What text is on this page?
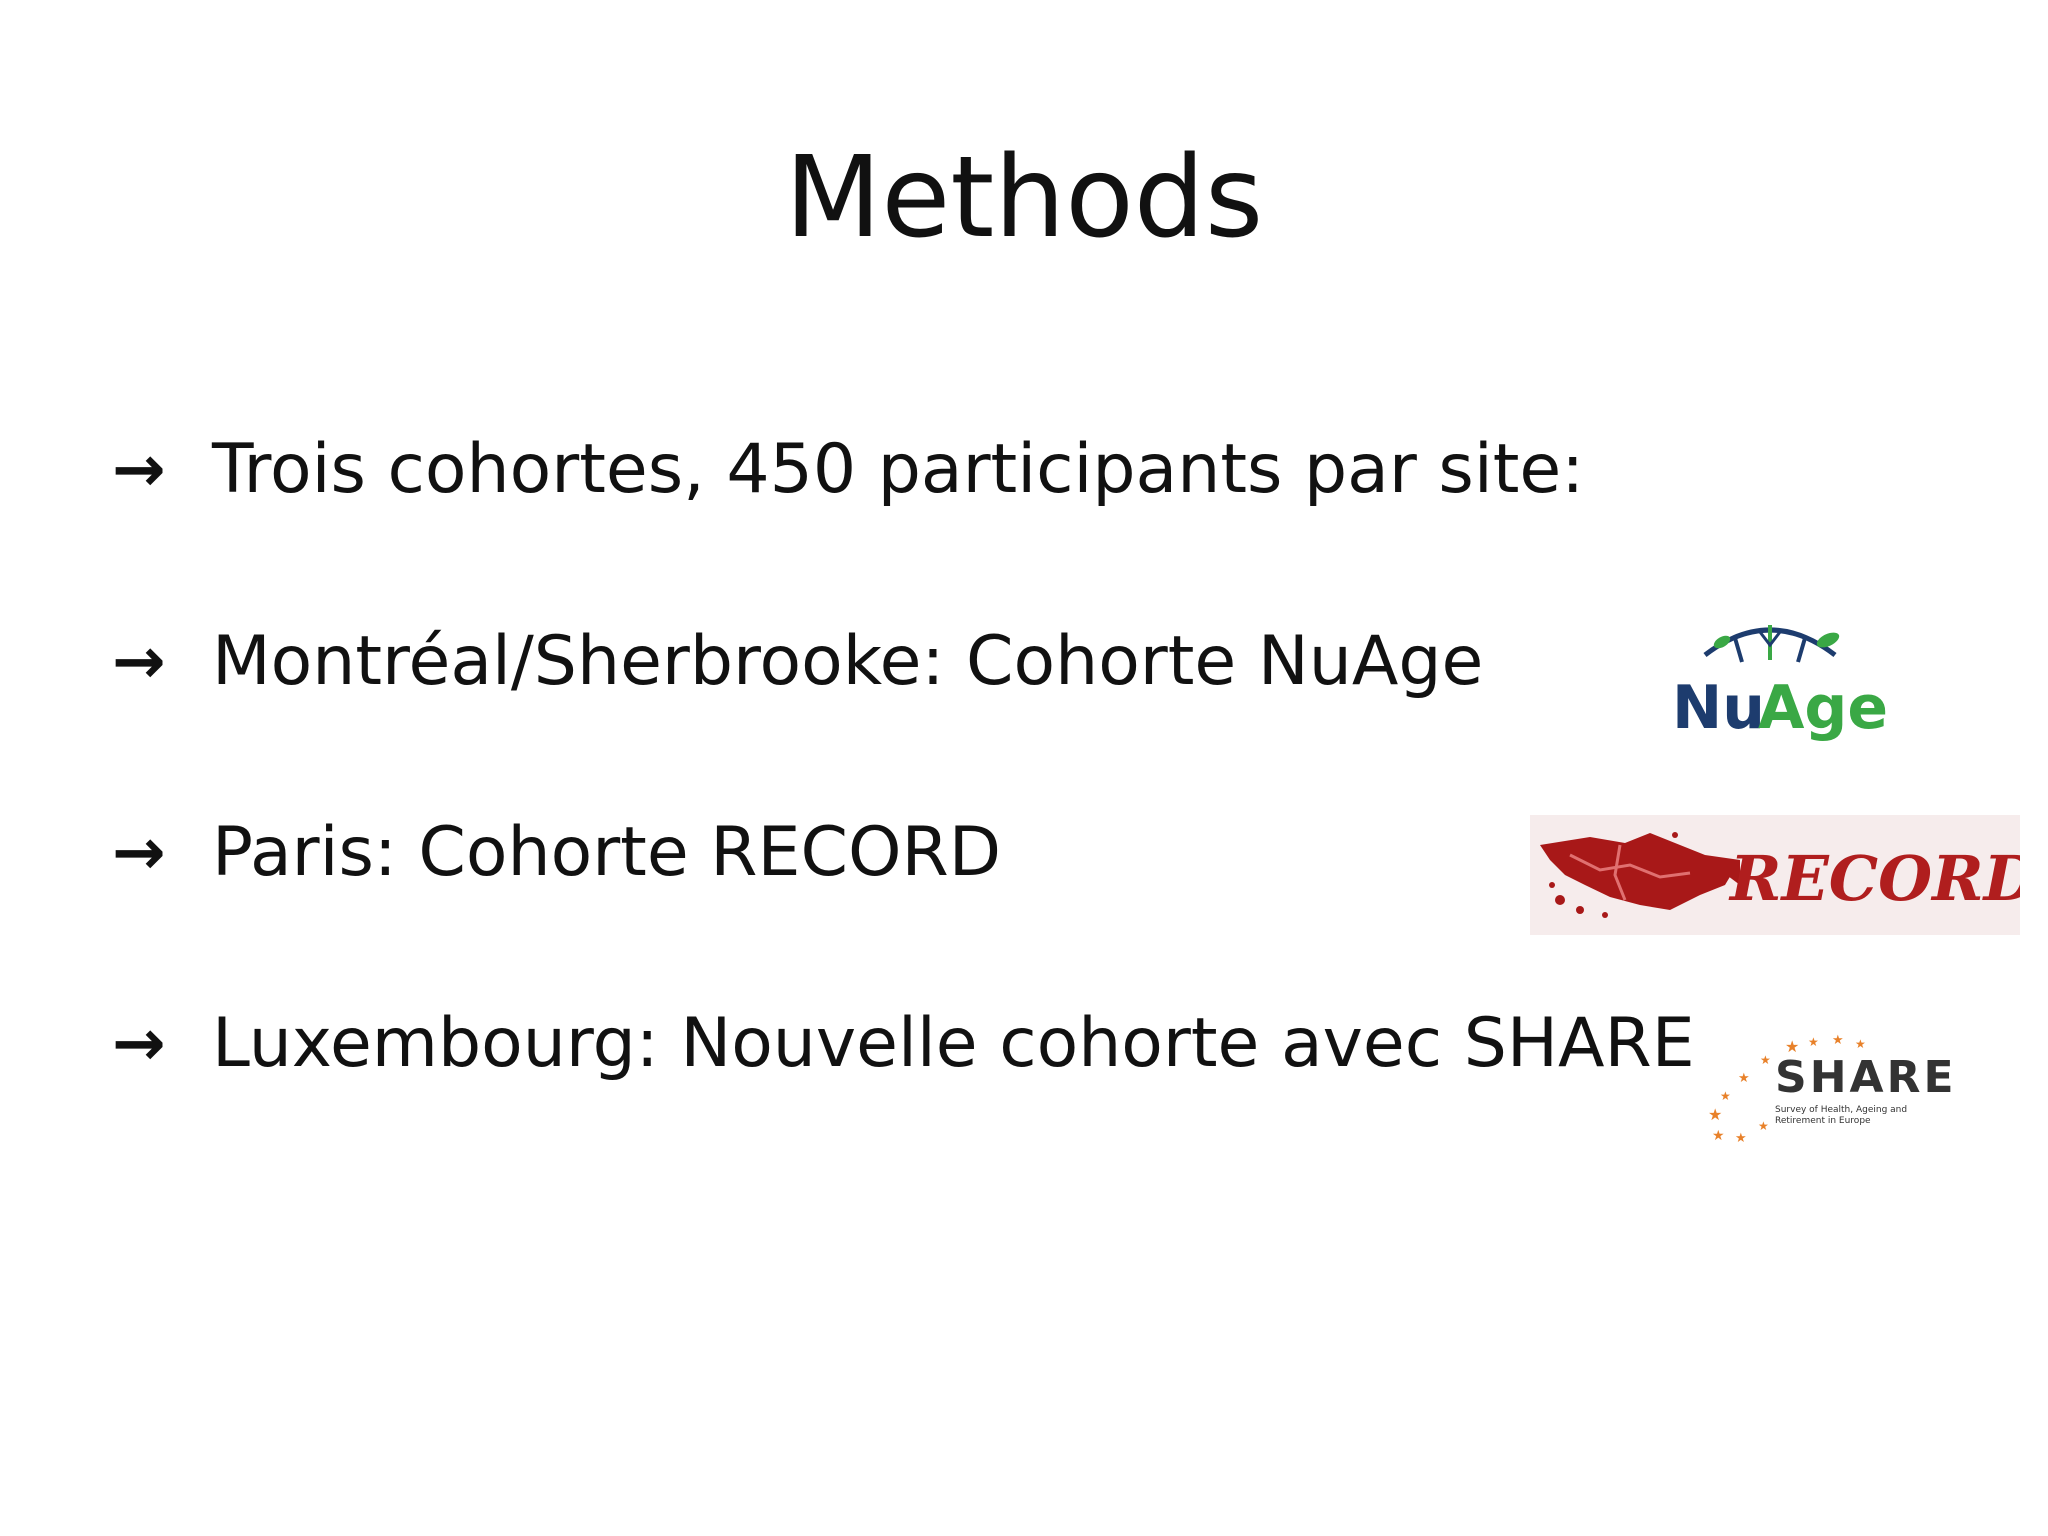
Methods
→ Trois cohortes, 450 participants par site:
→ Montréal/Sherbrooke: Cohorte NuAge
→ Paris: Cohorte RECORD
→ Luxembourg: Nouvelle cohorte avec SHARE
Nu
Age
RECORD
★ ★ ★ ★
★
★
★
★
★ ★
★
SHARE
Survey of Health, Ageing and
Retirement in Europe
